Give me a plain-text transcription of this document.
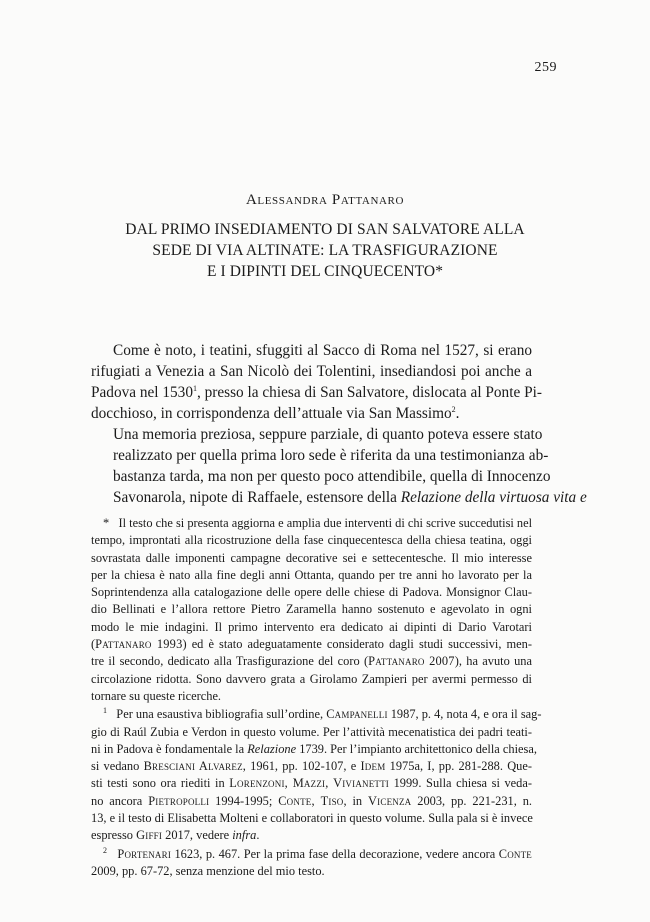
259
Alessandra Pattanaro
DAL PRIMO INSEDIAMENTO DI SAN SALVATORE ALLA
SEDE DI VIA ALTINATE: LA TRASFIGURAZIONE
E I DIPINTI DEL CINQUECENTO*

Come è noto, i teatini, sfuggiti al Sacco di Roma nel 1527, si erano
rifugiati a Venezia a San Nicolò dei Tolentini, insediandosi poi anche a
Padova nel 1530$^1$, presso la chiesa di San Salvatore, dislocata al Ponte Pi-
docchioso, in corrispondenza dell’attuale via San Massimo$^2$.

Una memoria preziosa, seppure parziale, di quanto poteva essere stato
realizzato per quella prima loro sede è riferita da una testimonianza ab-
bastanza tarda, ma non per questo poco attendibile, quella di Innocenzo
Savonarola, nipote di Raffaele, estensore della Relazione della virtuosa vita e

* Il testo che si presenta aggiorna e amplia due interventi di chi scrive succedutisi nel
tempo, improntati alla ricostruzione della fase cinquecentesca della chiesa teatina, oggi
sovrastata dalle imponenti campagne decorative sei e settecentesche. Il mio interesse
per la chiesa è nato alla fine degli anni Ottanta, quando per tre anni ho lavorato per la
Soprintendenza alla catalogazione delle opere delle chiese di Padova. Monsignor Clau-
dio Bellinati e l’allora rettore Pietro Zaramella hanno sostenuto e agevolato in ogni
modo le mie indagini. Il primo intervento era dedicato ai dipinti di Dario Varotari
(Pattanaro 1993) ed è stato adeguatamente considerato dagli studi successivi, men-
tre il secondo, dedicato alla Trasfigurazione del coro (Pattanaro 2007), ha avuto una
circolazione ridotta. Sono davvero grata a Girolamo Zampieri per avermi permesso di
tornare su queste ricerche.
$^1$ Per una esaustiva bibliografia sull’ordine, Campanelli 1987, p. 4, nota 4, e ora il sag-
gio di Raúl Zubia e Verdon in questo volume. Per l’attività mecenatistica dei padri teati-
ni in Padova è fondamentale la Relazione 1739. Per l’impianto architettonico della chiesa,
si vedano Bresciani Alvarez, 1961, pp. 102-107, e Idem 1975a, I, pp. 281-288. Que-
sti testi sono ora riediti in Lorenzoni, Mazzi, Vivianetti 1999. Sulla chiesa si veda-
no ancora Pietropolli 1994-1995; Conte, Tiso, in Vicenza 2003, pp. 221-231, n.
13, e il testo di Elisabetta Molteni e collaboratori in questo volume. Sulla pala si è invece
espresso Giffi 2017, vedere infra.
$^2$ Portenari 1623, p. 467. Per la prima fase della decorazione, vedere ancora Conte
2009, pp. 67-72, senza menzione del mio testo.
